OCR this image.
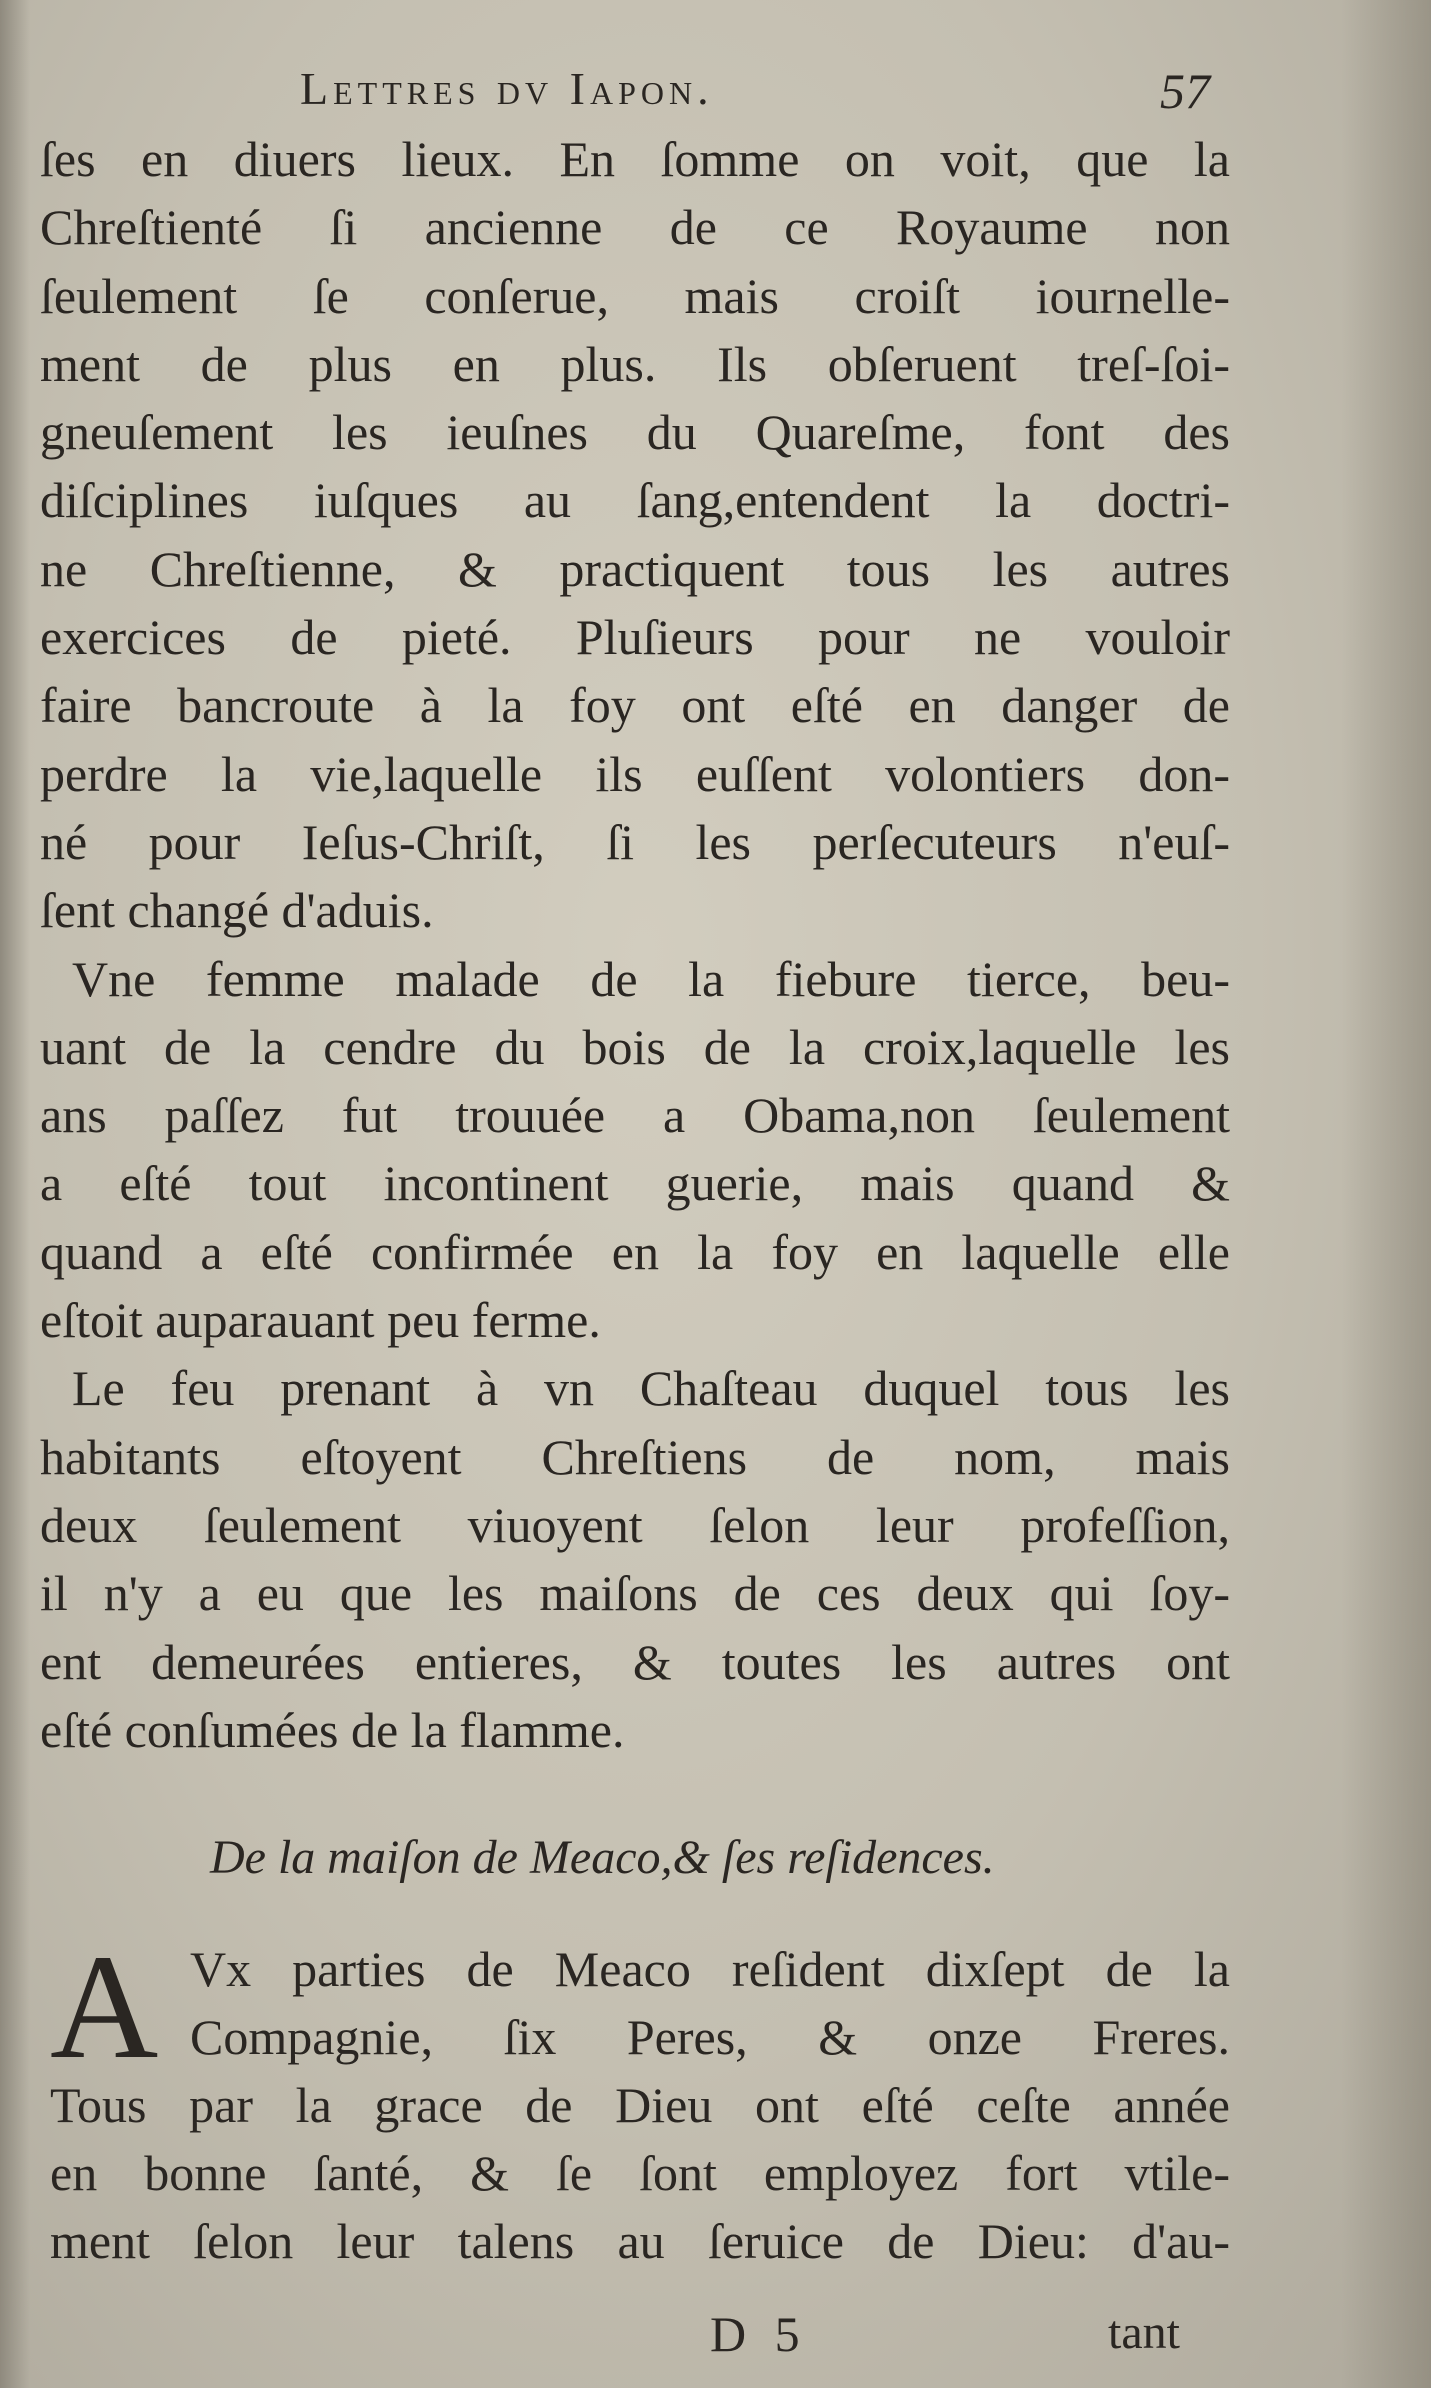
Lettres dv Iapon.	57
ſes en diuers lieux. En ſomme on voit, que la
Chreſtienté ſi ancienne de ce Royaume non
ſeulement ſe conſerue, mais croiſt iournelle-
ment de plus en plus. Ils obſeruent treſ-ſoi-
gneuſement les ieuſnes du Quareſme, font des
diſciplines iuſques au ſang,entendent la doctri-
ne Chreſtienne, & practiquent tous les autres
exercices de pieté. Pluſieurs pour ne vouloir
faire bancroute à la foy ont eſté en danger de
perdre la vie,laquelle ils euſſent volontiers don-
né pour Ieſus-Chriſt, ſi les perſecuteurs n'euſ-
ſent changé d'aduis.
Vne femme malade de la fiebure tierce, beu-
uant de la cendre du bois de la croix,laquelle les
ans paſſez fut trouuée a Obama,non ſeulement
a eſté tout incontinent guerie, mais quand &
quand a eſté confirmée en la foy en laquelle elle
eſtoit auparauant peu ferme.
Le feu prenant à vn Chaſteau duquel tous les
habitants eſtoyent Chreſtiens de nom, mais
deux ſeulement viuoyent ſelon leur profeſſion,
il n'y a eu que les maiſons de ces deux qui ſoy-
ent demeurées entieres, & toutes les autres ont
eſté conſumées de la flamme.
De la maiſon de Meaco,& ſes reſidences.
A Vx parties de Meaco reſident dixſept de la
Compagnie, ſix Peres, & onze Freres.
Tous par la grace de Dieu ont eſté ceſte année
en bonne ſanté, & ſe ſont employez fort vtile-
ment ſelon leur talens au ſeruice de Dieu: d'au-
D 5	tant
